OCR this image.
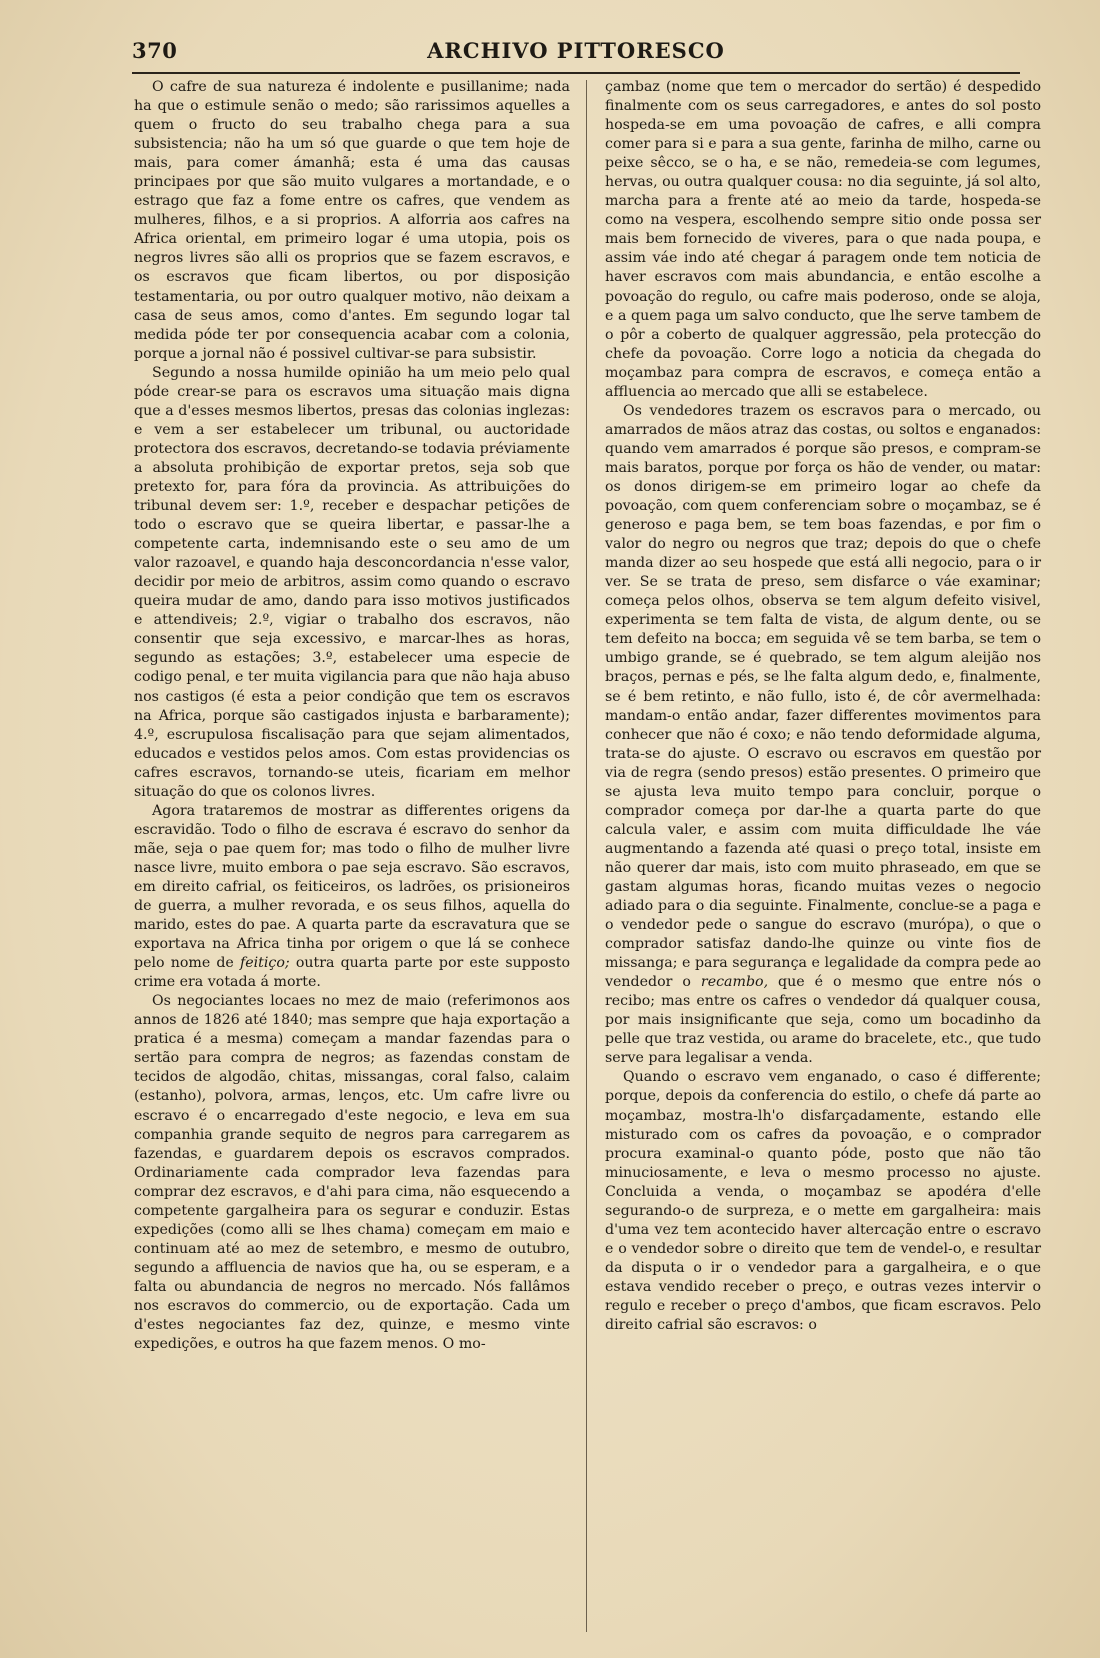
370	ARCHIVO PITTORESCO

O cafre de sua natureza é indolente e pusillanime; nada ha que o estimule senão o medo; são rarissimos aquelles a quem o fructo do seu trabalho chega para a sua subsistencia; não ha um só que guarde o que tem hoje de mais, para comer ámanhã; esta é uma das causas principaes por que são muito vulgares a mortandade, e o estrago que faz a fome entre os cafres, que vendem as mulheres, filhos, e a si proprios. A alforria aos cafres na Africa oriental, em primeiro logar é uma utopia, pois os negros livres são alli os proprios que se fazem escravos, e os escravos que ficam libertos, ou por disposição testamentaria, ou por outro qualquer motivo, não deixam a casa de seus amos, como d'antes. Em segundo logar tal medida póde ter por consequencia acabar com a colonia, porque a jornal não é possivel cultivar-se para subsistir.

Segundo a nossa humilde opinião ha um meio pelo qual póde crear-se para os escravos uma situação mais digna que a d'esses mesmos libertos, presas das colonias inglezas: e vem a ser estabelecer um tribunal, ou auctoridade protectora dos escravos, decretando-se todavia préviamente a absoluta prohibição de exportar pretos, seja sob que pretexto for, para fóra da provincia. As attribuições do tribunal devem ser: 1.º, receber e despachar petições de todo o escravo que se queira libertar, e passar-lhe a competente carta, indemnisando este o seu amo de um valor razoavel, e quando haja desconcordancia n'esse valor, decidir por meio de arbitros, assim como quando o escravo queira mudar de amo, dando para isso motivos justificados e attendiveis; 2.º, vigiar o trabalho dos escravos, não consentir que seja excessivo, e marcar-lhes as horas, segundo as estações; 3.º, estabelecer uma especie de codigo penal, e ter muita vigilancia para que não haja abuso nos castigos (é esta a peior condição que tem os escravos na Africa, porque são castigados injusta e barbaramente); 4.º, escrupulosa fiscalisação para que sejam alimentados, educados e vestidos pelos amos. Com estas providencias os cafres escravos, tornando-se uteis, ficariam em melhor situação do que os colonos livres.

Agora trataremos de mostrar as differentes origens da escravidão. Todo o filho de escrava é escravo do senhor da mãe, seja o pae quem for; mas todo o filho de mulher livre nasce livre, muito embora o pae seja escravo. São escravos, em direito cafrial, os feiticeiros, os ladrões, os prisioneiros de guerra, a mulher revorada, e os seus filhos, aquella do marido, estes do pae. A quarta parte da escravatura que se exportava na Africa tinha por origem o que lá se conhece pelo nome de feitiço; outra quarta parte por este supposto crime era votada á morte.

Os negociantes locaes no mez de maio (referimonos aos annos de 1826 até 1840; mas sempre que haja exportação a pratica é a mesma) começam a mandar fazendas para o sertão para compra de negros; as fazendas constam de tecidos de algodão, chitas, missangas, coral falso, calaim (estanho), polvora, armas, lenços, etc. Um cafre livre ou escravo é o encarregado d'este negocio, e leva em sua companhia grande sequito de negros para carregarem as fazendas, e guardarem depois os escravos comprados. Ordinariamente cada comprador leva fazendas para comprar dez escravos, e d'ahi para cima, não esquecendo a competente gargalheira para os segurar e conduzir. Estas expedições (como alli se lhes chama) começam em maio e continuam até ao mez de setembro, e mesmo de outubro, segundo a affluencia de navios que ha, ou se esperam, e a falta ou abundancia de negros no mercado. Nós fallâmos nos escravos do commercio, ou de exportação. Cada um d'estes negociantes faz dez, quinze, e mesmo vinte expedições, e outros ha que fazem menos. O mo-

çambaz (nome que tem o mercador do sertão) é despedido finalmente com os seus carregadores, e antes do sol posto hospeda-se em uma povoação de cafres, e alli compra comer para si e para a sua gente, farinha de milho, carne ou peixe sêcco, se o ha, e se não, remedeia-se com legumes, hervas, ou outra qualquer cousa: no dia seguinte, já sol alto, marcha para a frente até ao meio da tarde, hospeda-se como na vespera, escolhendo sempre sitio onde possa ser mais bem fornecido de viveres, para o que nada poupa, e assim váe indo até chegar á paragem onde tem noticia de haver escravos com mais abundancia, e então escolhe a povoação do regulo, ou cafre mais poderoso, onde se aloja, e a quem paga um salvo conducto, que lhe serve tambem de o pôr a coberto de qualquer aggressão, pela protecção do chefe da povoação. Corre logo a noticia da chegada do moçambaz para compra de escravos, e começa então a affluencia ao mercado que alli se estabelece.

Os vendedores trazem os escravos para o mercado, ou amarrados de mãos atraz das costas, ou soltos e enganados: quando vem amarrados é porque são presos, e compram-se mais baratos, porque por força os hão de vender, ou matar: os donos dirigem-se em primeiro logar ao chefe da povoação, com quem conferenciam sobre o moçambaz, se é generoso e paga bem, se tem boas fazendas, e por fim o valor do negro ou negros que traz; depois do que o chefe manda dizer ao seu hospede que está alli negocio, para o ir ver. Se se trata de preso, sem disfarce o váe examinar; começa pelos olhos, observa se tem algum defeito visivel, experimenta se tem falta de vista, de algum dente, ou se tem defeito na bocca; em seguida vê se tem barba, se tem o umbigo grande, se é quebrado, se tem algum aleijão nos braços, pernas e pés, se lhe falta algum dedo, e, finalmente, se é bem retinto, e não fullo, isto é, de côr avermelhada: mandam-o então andar, fazer differentes movimentos para conhecer que não é coxo; e não tendo deformidade alguma, trata-se do ajuste. O escravo ou escravos em questão por via de regra (sendo presos) estão presentes. O primeiro que se ajusta leva muito tempo para concluir, porque o comprador começa por dar-lhe a quarta parte do que calcula valer, e assim com muita difficuldade lhe váe augmentando a fazenda até quasi o preço total, insiste em não querer dar mais, isto com muito phraseado, em que se gastam algumas horas, ficando muitas vezes o negocio adiado para o dia seguinte. Finalmente, conclue-se a paga e o vendedor pede o sangue do escravo (murópa), o que o comprador satisfaz dando-lhe quinze ou vinte fios de missanga; e para segurança e legalidade da compra pede ao vendedor o recambo, que é o mesmo que entre nós o recibo; mas entre os cafres o vendedor dá qualquer cousa, por mais insignificante que seja, como um bocadinho da pelle que traz vestida, ou arame do bracelete, etc., que tudo serve para legalisar a venda.

Quando o escravo vem enganado, o caso é differente; porque, depois da conferencia do estilo, o chefe dá parte ao moçambaz, mostra-lh'o disfarçadamente, estando elle misturado com os cafres da povoação, e o comprador procura examinal-o quanto póde, posto que não tão minuciosamente, e leva o mesmo processo no ajuste. Concluida a venda, o moçambaz se apodéra d'elle segurando-o de surpreza, e o mette em gargalheira: mais d'uma vez tem acontecido haver altercação entre o escravo e o vendedor sobre o direito que tem de vendel-o, e resultar da disputa o ir o vendedor para a gargalheira, e o que estava vendido receber o preço, e outras vezes intervir o regulo e receber o preço d'ambos, que ficam escravos. Pelo direito cafrial são escravos: o
